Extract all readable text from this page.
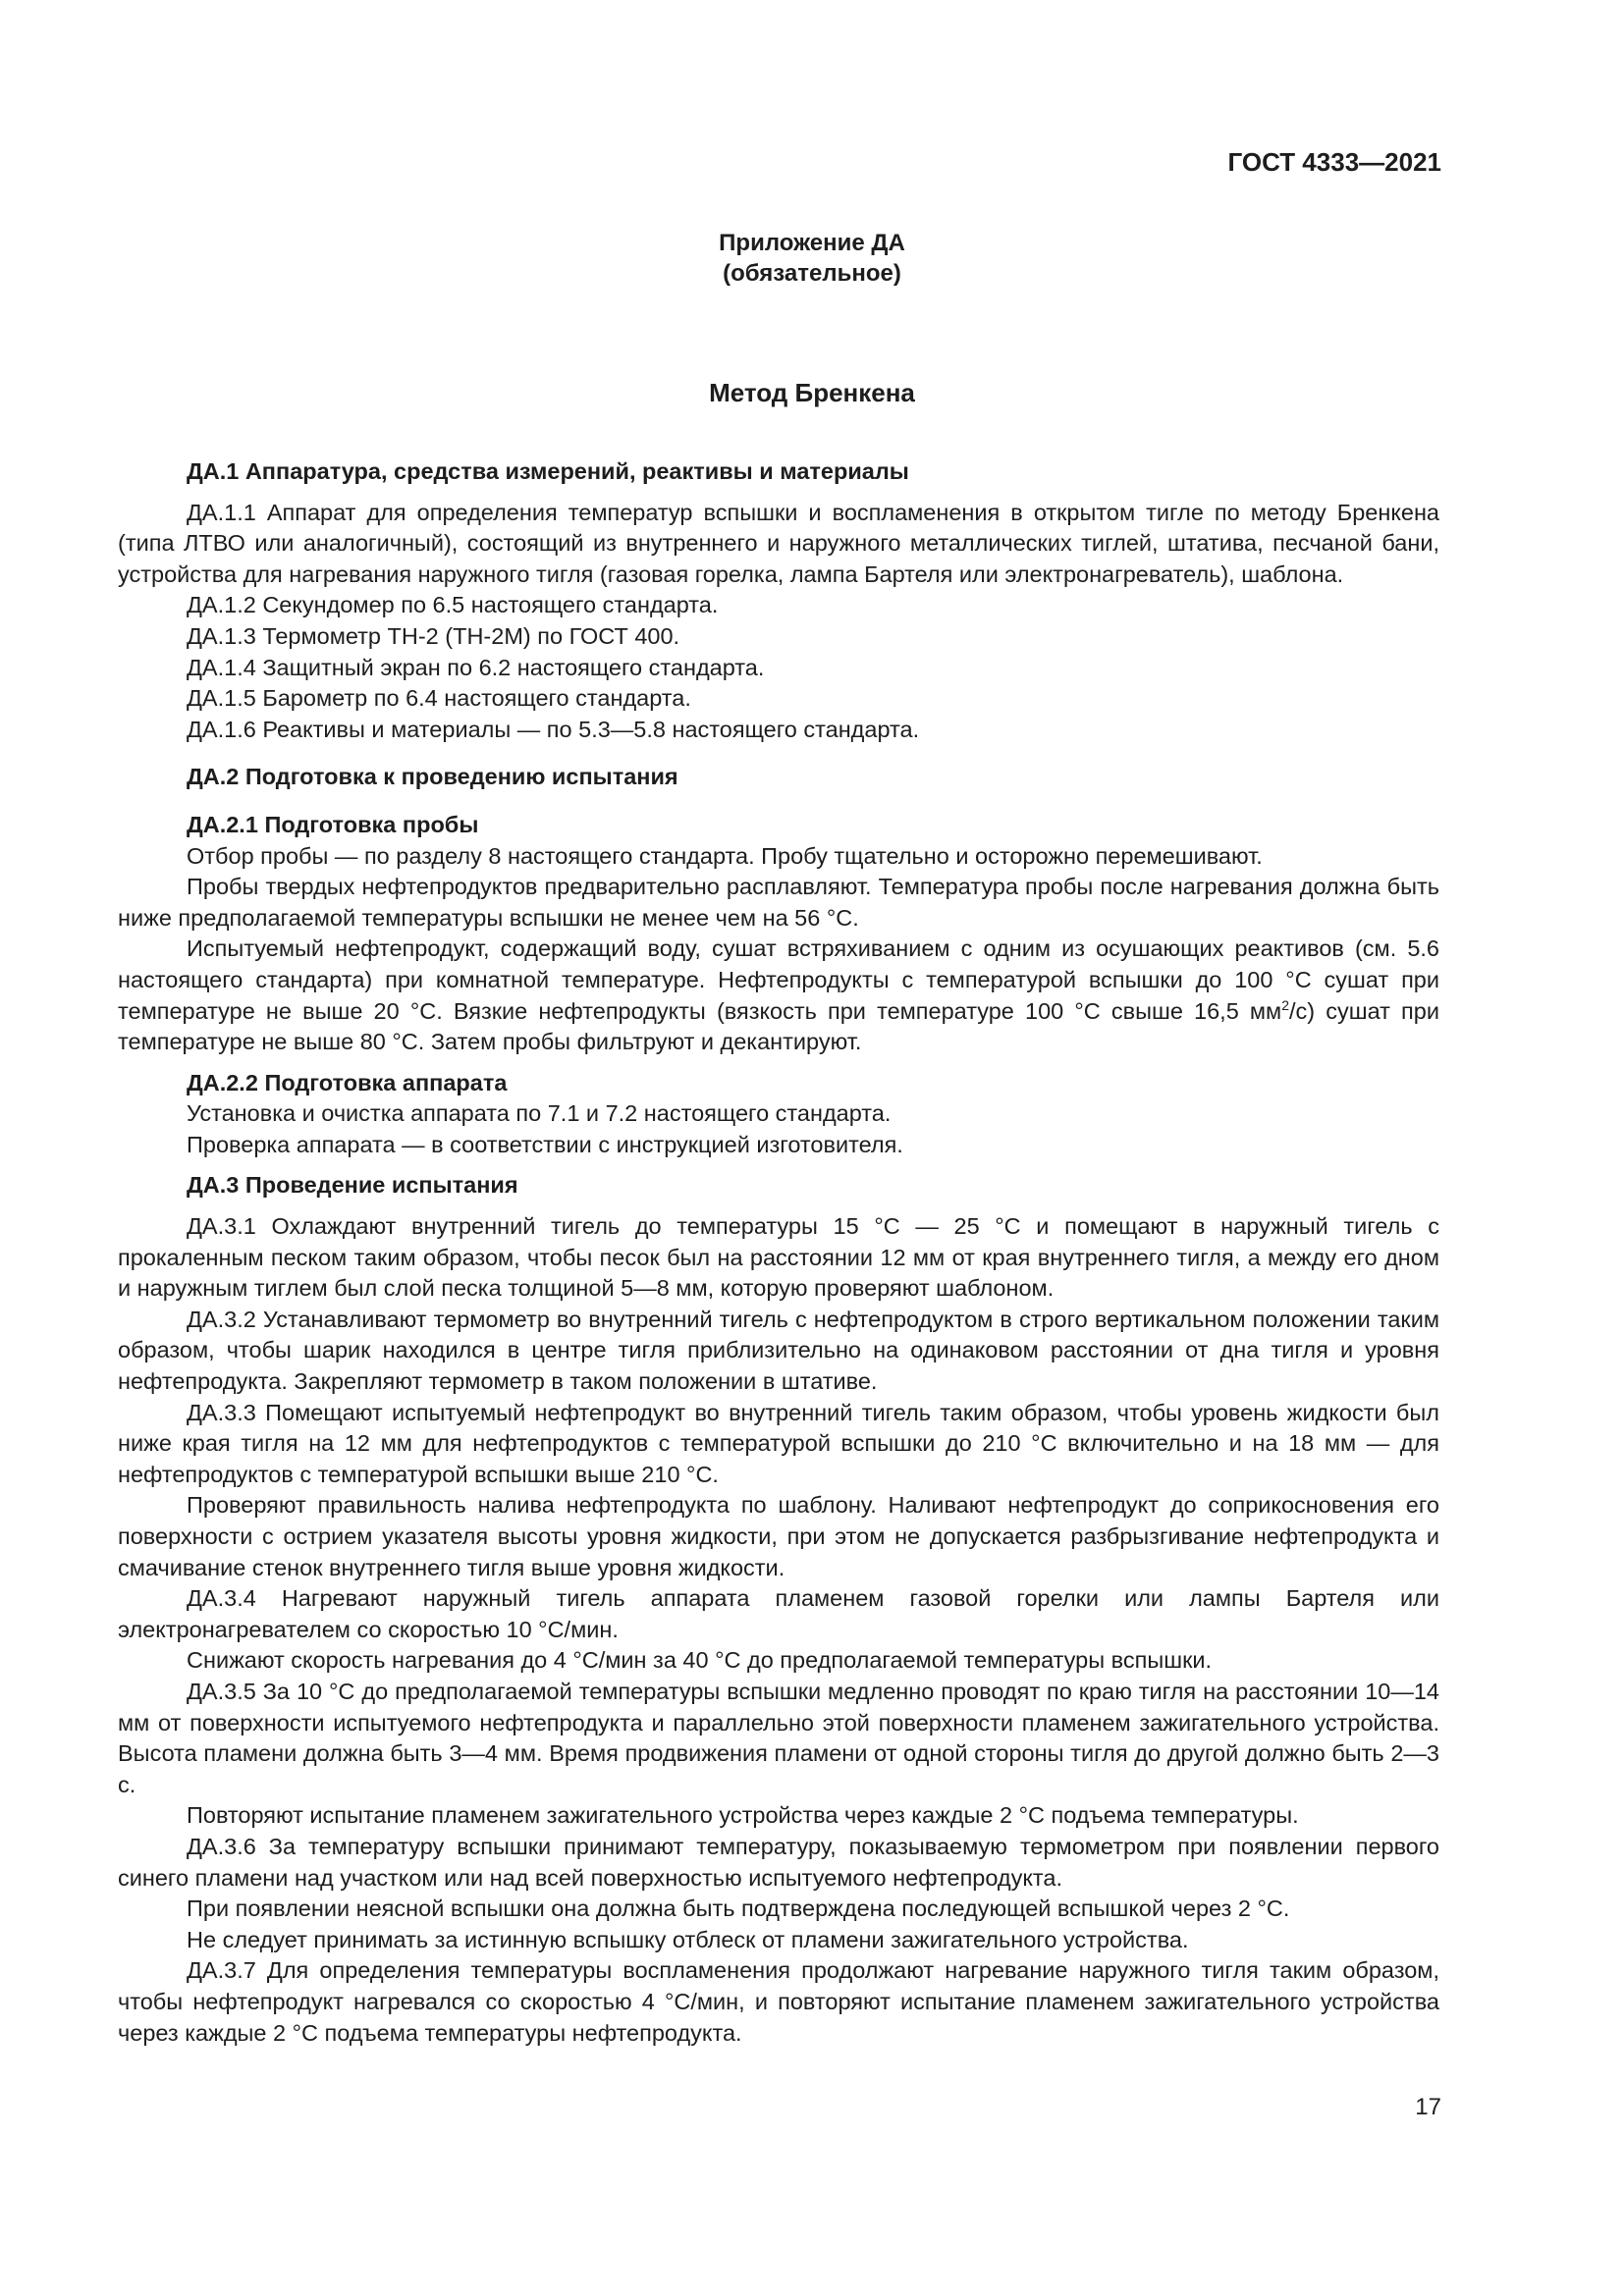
ГОСТ 4333—2021
Приложение ДА
(обязательное)
Метод Бренкена
ДА.1 Аппаратура, средства измерений, реактивы и материалы

ДА.1.1 Аппарат для определения температур вспышки и воспламенения в открытом тигле по методу Бренкена (типа ЛТВО или аналогичный), состоящий из внутреннего и наружного металлических тиглей, штатива, песчаной бани, устройства для нагревания наружного тигля (газовая горелка, лампа Бартеля или электронагреватель), шаблона.

ДА.1.2 Секундомер по 6.5 настоящего стандарта.

ДА.1.3 Термометр ТН-2 (ТН-2М) по ГОСТ 400.

ДА.1.4 Защитный экран по 6.2 настоящего стандарта.

ДА.1.5 Барометр по 6.4 настоящего стандарта.

ДА.1.6 Реактивы и материалы — по 5.3—5.8 настоящего стандарта.

ДА.2 Подготовка к проведению испытания
ДА.2.1 Подготовка пробы

Отбор пробы — по разделу 8 настоящего стандарта. Пробу тщательно и осторожно перемешивают.

Пробы твердых нефтепродуктов предварительно расплавляют. Температура пробы после нагревания должна быть ниже предполагаемой температуры вспышки не менее чем на 56 °С.

Испытуемый нефтепродукт, содержащий воду, сушат встряхиванием с одним из осушающих реактивов (см. 5.6 настоящего стандарта) при комнатной температуре. Нефтепродукты с температурой вспышки до 100 °С сушат при температуре не выше 20 °С. Вязкие нефтепродукты (вязкость при температуре 100 °С свыше 16,5 $мм^2/с$) сушат при температуре не выше 80 °С. Затем пробы фильтруют и декантируют.

ДА.2.2 Подготовка аппарата

Установка и очистка аппарата по 7.1 и 7.2 настоящего стандарта.

Проверка аппарата — в соответствии с инструкцией изготовителя.

ДА.3 Проведение испытания

ДА.3.1 Охлаждают внутренний тигель до температуры 15 °С — 25 °С и помещают в наружный тигель с прокаленным песком таким образом, чтобы песок был на расстоянии 12 мм от края внутреннего тигля, а между его дном и наружным тиглем был слой песка толщиной 5—8 мм, которую проверяют шаблоном.

ДА.3.2 Устанавливают термометр во внутренний тигель с нефтепродуктом в строго вертикальном положении таким образом, чтобы шарик находился в центре тигля приблизительно на одинаковом расстоянии от дна тигля и уровня нефтепродукта. Закрепляют термометр в таком положении в штативе.

ДА.3.3 Помещают испытуемый нефтепродукт во внутренний тигель таким образом, чтобы уровень жидкости был ниже края тигля на 12 мм для нефтепродуктов с температурой вспышки до 210 °С включительно и на 18 мм — для нефтепродуктов с температурой вспышки выше 210 °С.

Проверяют правильность налива нефтепродукта по шаблону. Наливают нефтепродукт до соприкосновения его поверхности с острием указателя высоты уровня жидкости, при этом не допускается разбрызгивание нефтепродукта и смачивание стенок внутреннего тигля выше уровня жидкости.

ДА.3.4 Нагревают наружный тигель аппарата пламенем газовой горелки или лампы Бартеля или электронагревателем со скоростью 10 °С/мин.

Снижают скорость нагревания до 4 °С/мин за 40 °С до предполагаемой температуры вспышки.

ДА.3.5 За 10 °С до предполагаемой температуры вспышки медленно проводят по краю тигля на расстоянии 10—14 мм от поверхности испытуемого нефтепродукта и параллельно этой поверхности пламенем зажигательного устройства. Высота пламени должна быть 3—4 мм. Время продвижения пламени от одной стороны тигля до другой должно быть 2—3 с.

Повторяют испытание пламенем зажигательного устройства через каждые 2 °С подъема температуры.

ДА.3.6 За температуру вспышки принимают температуру, показываемую термометром при появлении первого синего пламени над участком или над всей поверхностью испытуемого нефтепродукта.

При появлении неясной вспышки она должна быть подтверждена последующей вспышкой через 2 °С.

Не следует принимать за истинную вспышку отблеск от пламени зажигательного устройства.

ДА.3.7 Для определения температуры воспламенения продолжают нагревание наружного тигля таким образом, чтобы нефтепродукт нагревался со скоростью 4 °С/мин, и повторяют испытание пламенем зажигательного устройства через каждые 2 °С подъема температуры нефтепродукта.

17
